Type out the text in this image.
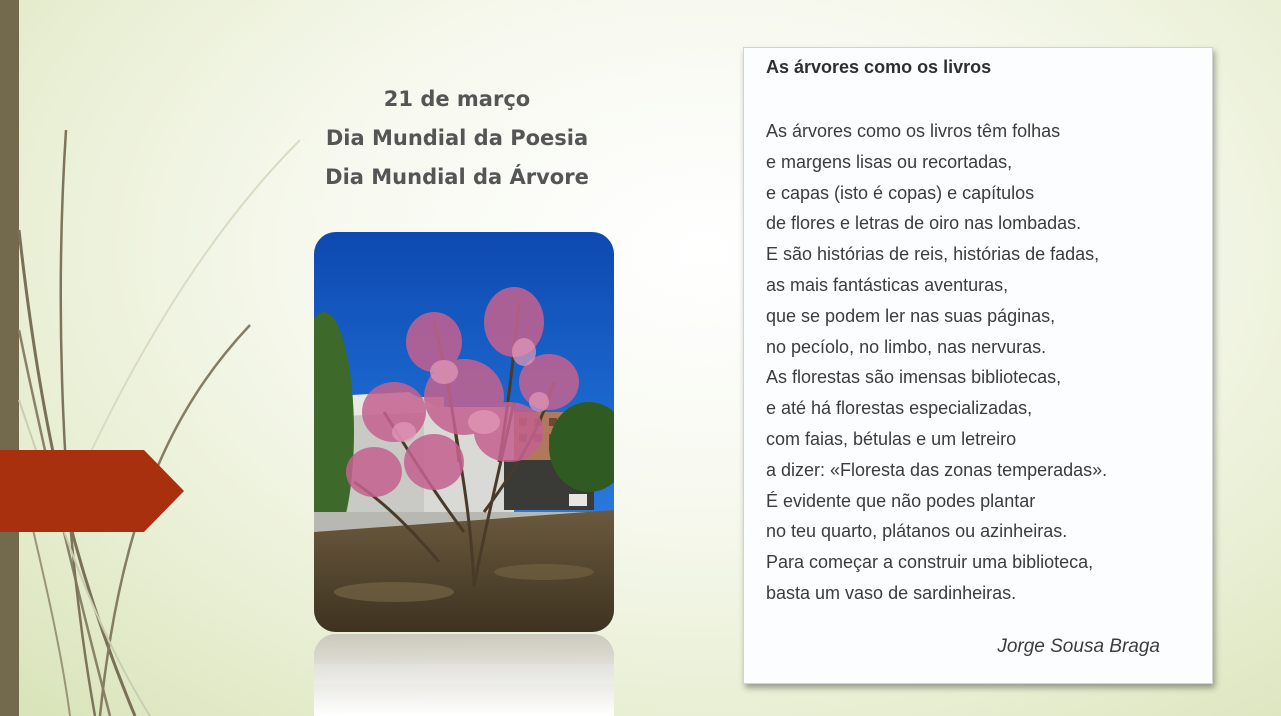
21 de março
Dia Mundial da Poesia
Dia Mundial da Árvore
As árvores como os livros
As árvores como os livros têm folhas
e margens lisas ou recortadas,
e capas (isto é copas) e capítulos
de flores e letras de oiro nas lombadas.
E são histórias de reis, histórias de fadas,
as mais fantásticas aventuras,
que se podem ler nas suas páginas,
no pecíolo, no limbo, nas nervuras.
As florestas são imensas bibliotecas,
e até há florestas especializadas,
com faias, bétulas e um letreiro
a dizer: «Floresta das zonas temperadas».
É evidente que não podes plantar
no teu quarto, plátanos ou azinheiras.
Para começar a construir uma biblioteca,
basta um vaso de sardinheiras.
Jorge Sousa Braga
